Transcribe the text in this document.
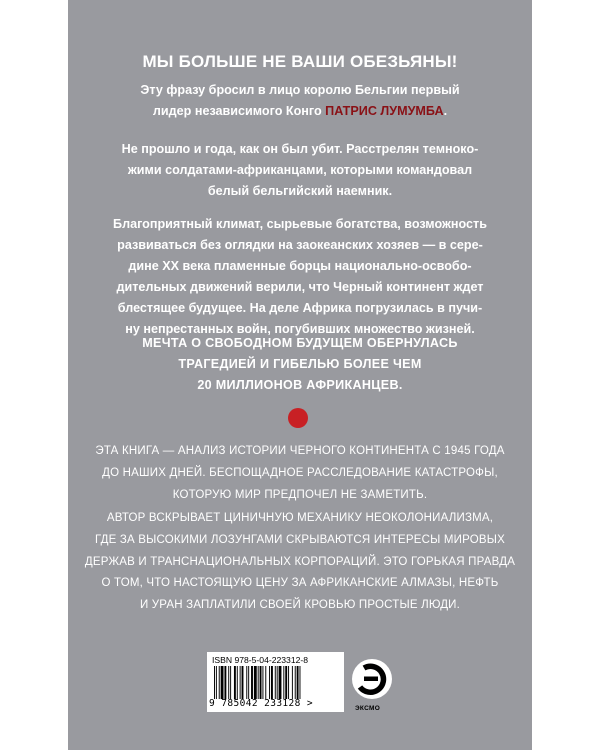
МЫ БОЛЬШЕ НЕ ВАШИ ОБЕЗЬЯНЫ!
Эту фразу бросил в лицо королю Бельгии первый
лидер независимого Конго ПАТРИС ЛУМУМБА.
Не прошло и года, как он был убит. Расстрелян темноко-
жими солдатами-африканцами, которыми командовал
белый бельгийский наемник.
Благоприятный климат, сырьевые богатства, возможность
развиваться без оглядки на заокеанских хозяев — в сере-
дине XX века пламенные борцы национально-освобо-
дительных движений верили, что Черный континент ждет
блестящее будущее. На деле Африка погрузилась в пучи-
ну непрестанных войн, погубивших множество жизней.
МЕЧТА О СВОБОДНОМ БУДУЩЕМ ОБЕРНУЛАСЬ
ТРАГЕДИЕЙ И ГИБЕЛЬЮ БОЛЕЕ ЧЕМ
20 МИЛЛИОНОВ АФРИКАНЦЕВ.
ЭТА КНИГА — АНАЛИЗ ИСТОРИИ ЧЕРНОГО КОНТИНЕНТА С 1945 ГОДА
ДО НАШИХ ДНЕЙ. БЕСПОЩАДНОЕ РАССЛЕДОВАНИЕ КАТАСТРОФЫ,
КОТОРУЮ МИР ПРЕДПОЧЕЛ НЕ ЗАМЕТИТЬ.
АВТОР ВСКРЫВАЕТ ЦИНИЧНУЮ МЕХАНИКУ НЕОКОЛОНИАЛИЗМА,
ГДЕ ЗА ВЫСОКИМИ ЛОЗУНГАМИ СКРЫВАЮТСЯ ИНТЕРЕСЫ МИРОВЫХ
ДЕРЖАВ И ТРАНСНАЦИОНАЛЬНЫХ КОРПОРАЦИЙ. ЭТО ГОРЬКАЯ ПРАВДА
О ТОМ, ЧТО НАСТОЯЩУЮ ЦЕНУ ЗА АФРИКАНСКИЕ АЛМАЗЫ, НЕФТЬ
И УРАН ЗАПЛАТИЛИ СВОЕЙ КРОВЬЮ ПРОСТЫЕ ЛЮДИ.
ISBN 978-5-04-223312-8
9 785042 233128 >	ЭКСМО
